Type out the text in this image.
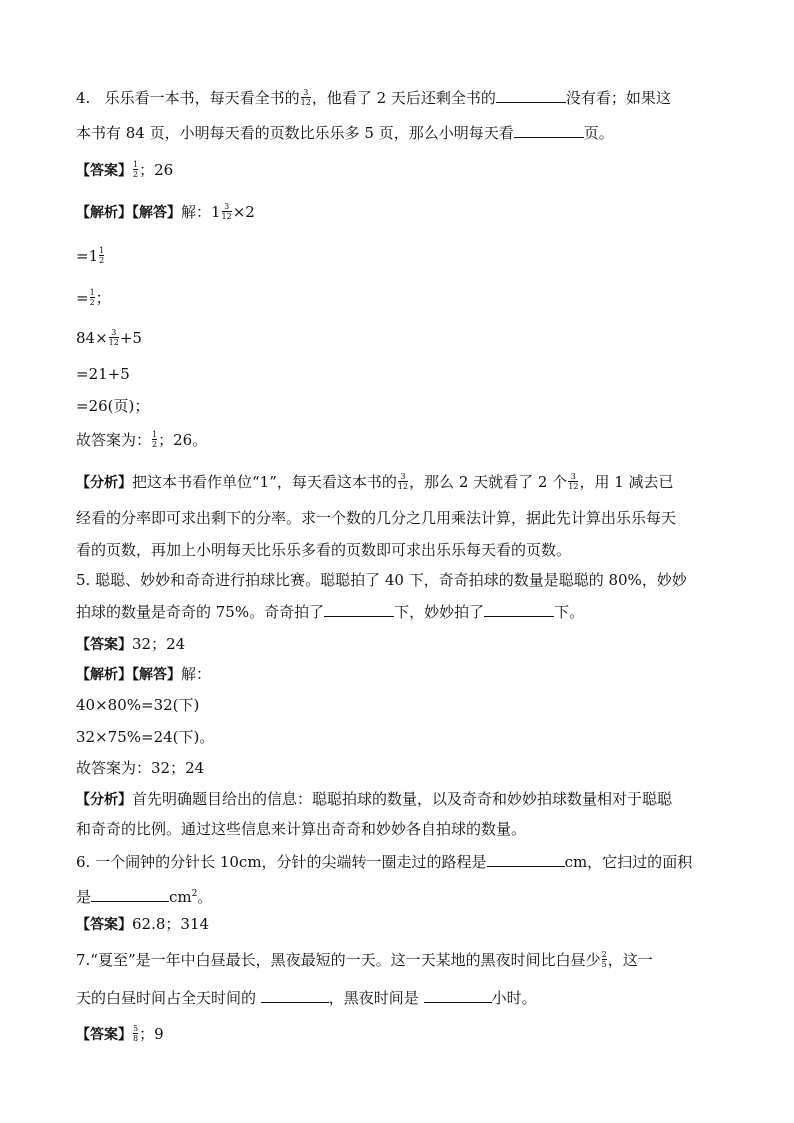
4. 乐乐看一本书，每天看全书的 $\frac{3}{12}$ ，他看了 2 天后还剩全书的	没有看；如果这
本书有 84 页，小明每天看的页数比乐乐多 5 页，那么小明每天看	页。
【答案】 $\frac{1}{2}$ ；26
【解析】【解答】解：$1 \frac{3}{12} \times 2$
$=1 \frac{1}{2}$
= $\frac{1}{2}$ ；
$84\times \frac{3}{12} +5$
=21+5
=26(页)；
故答案为： $\frac{1}{2}$ ；26。
【分析】把这本书看作单位“1”，每天看这本书的 $\frac{3}{12}$ ，那么 2 天就看了 2 个 $\frac{3}{12}$ ，用 1 减去已
经看的分率即可求出剩下的分率。求一个数的几分之几用乘法计算，据此先计算出乐乐每天
看的页数，再加上小明每天比乐乐多看的页数即可求出乐乐每天看的页数。
5. 聪聪、妙妙和奇奇进行拍球比赛。聪聪拍了 40 下，奇奇拍球的数量是聪聪的 80%，妙妙
拍球的数量是奇奇的 75%。奇奇拍了	下，妙妙拍了	下。
【答案】32；24
【解析】【解答】解：
40×80%=32(下)
32×75%=24(下)。
故答案为：32；24
【分析】首先明确题目给出的信息：聪聪拍球的数量，以及奇奇和妙妙拍球数量相对于聪聪
和奇奇的比例。通过这些信息来计算出奇奇和妙妙各自拍球的数量。
6. 一个闹钟的分针长 10cm，分针的尖端转一圈走过的路程是	cm，它扫过的面积
是	$cm^2$。
【答案】62.8；314
7.“夏至”是一年中白昼最长，黑夜最短的一天。这一天某地的黑夜时间比白昼少 $\frac{2}{5}$ ，这一
天的白昼时间占全天时间的	，黑夜时间是	小时。
【答案】 $\frac{5}{8}$ ；9
